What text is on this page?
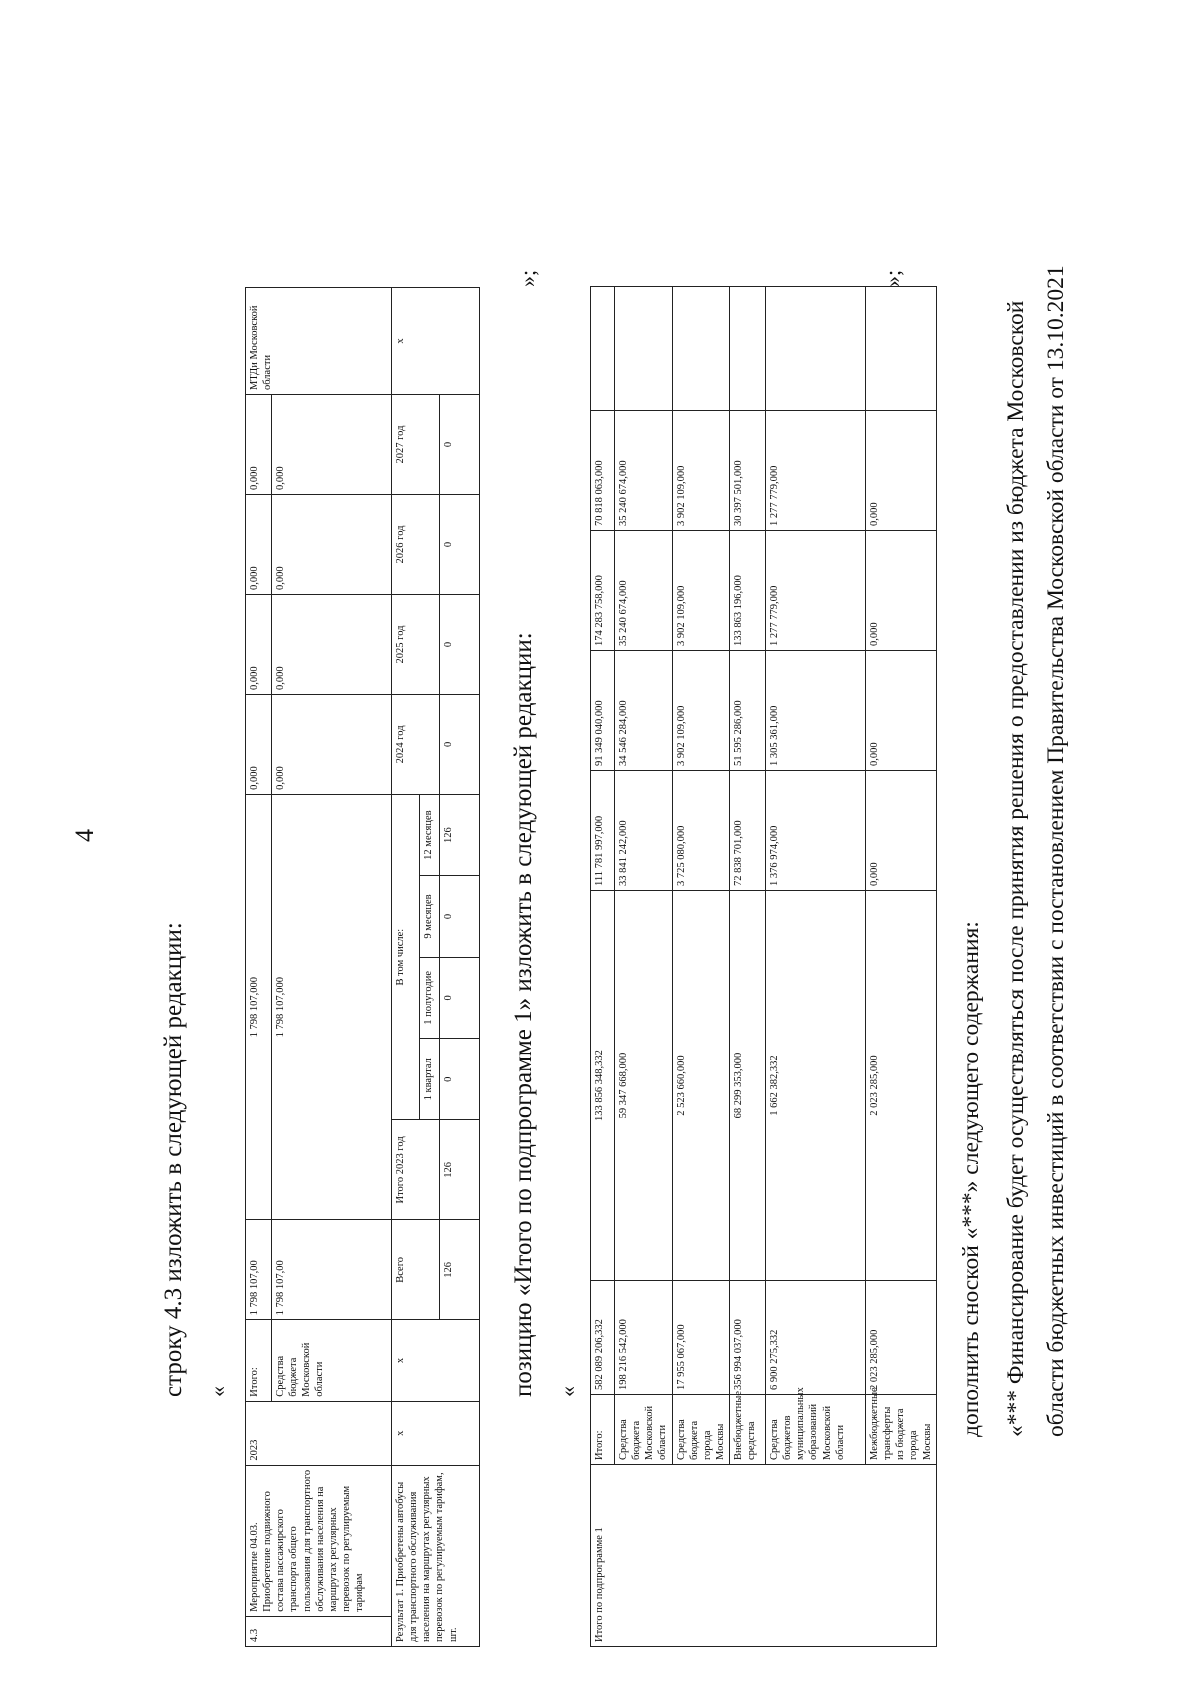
4
строку 4.3 изложить в следующей редакции: «
4.3	Мероприятие 04.03. Приобретение подвижного состава пассажирского транспорта общего пользования для транспортного обслуживания населения на маршрутах регулярных перевозок по регулируемым тарифам	2023	Итого:	1 798 107,00	1 798 107,000					0,000	0,000	0,000	0,000	МТДи Московской области
			Средства бюджета Московской области	1 798 107,00	1 798 107,000					0,000	0,000	0,000	0,000	
Результат 1. Приобретены автобусы для транспортного обслуживания населения на маршрутах регулярных перевозок по регулируемым тарифам, шт.		х	х	Всего	Итого 2023 год	В том числе:				2024 год	2025 год	2026 год	2027 год	х
						1 квартал	1 полугодие	9 месяцев	12 месяцев					
				126	126	0	0	0	126	0	0	0	0	
»;
позицию «Итого по подпрограмме 1» изложить в следующей редакции: «
Итого по подпрограмме 1	Итого:	582 089 206,332	133 856 348,332	111 781 997,000	91 349 040,000	174 283 758,000	70 818 063,000	
	Средства бюджета Московской области	198 216 542,000	59 347 668,000	33 841 242,000	34 546 284,000	35 240 674,000	35 240 674,000	
	Средства бюджета города Москвы	17 955 067,000	2 523 660,000	3 725 080,000	3 902 109,000	3 902 109,000	3 902 109,000	
	Внебюджетные средства	356 994 037,000	68 299 353,000	72 838 701,000	51 595 286,000	133 863 196,000	30 397 501,000	
	Средства бюджетов муниципальных образований Московской области	6 900 275,332	1 662 382,332	1 376 974,000	1 305 361,000	1 277 779,000	1 277 779,000	
	Межбюджетные трансферты из бюджета города Москвы	2 023 285,000	2 023 285,000	0,000	0,000	0,000	0,000	
»;
дополнить сноской «***» следующего содержания: «*** Финансирование будет осуществляться после принятия решения о предоставлении из бюджета Московской области бюджетных инвестиций в соответствии с постановлением Правительства Московской области от 13.10.2021
